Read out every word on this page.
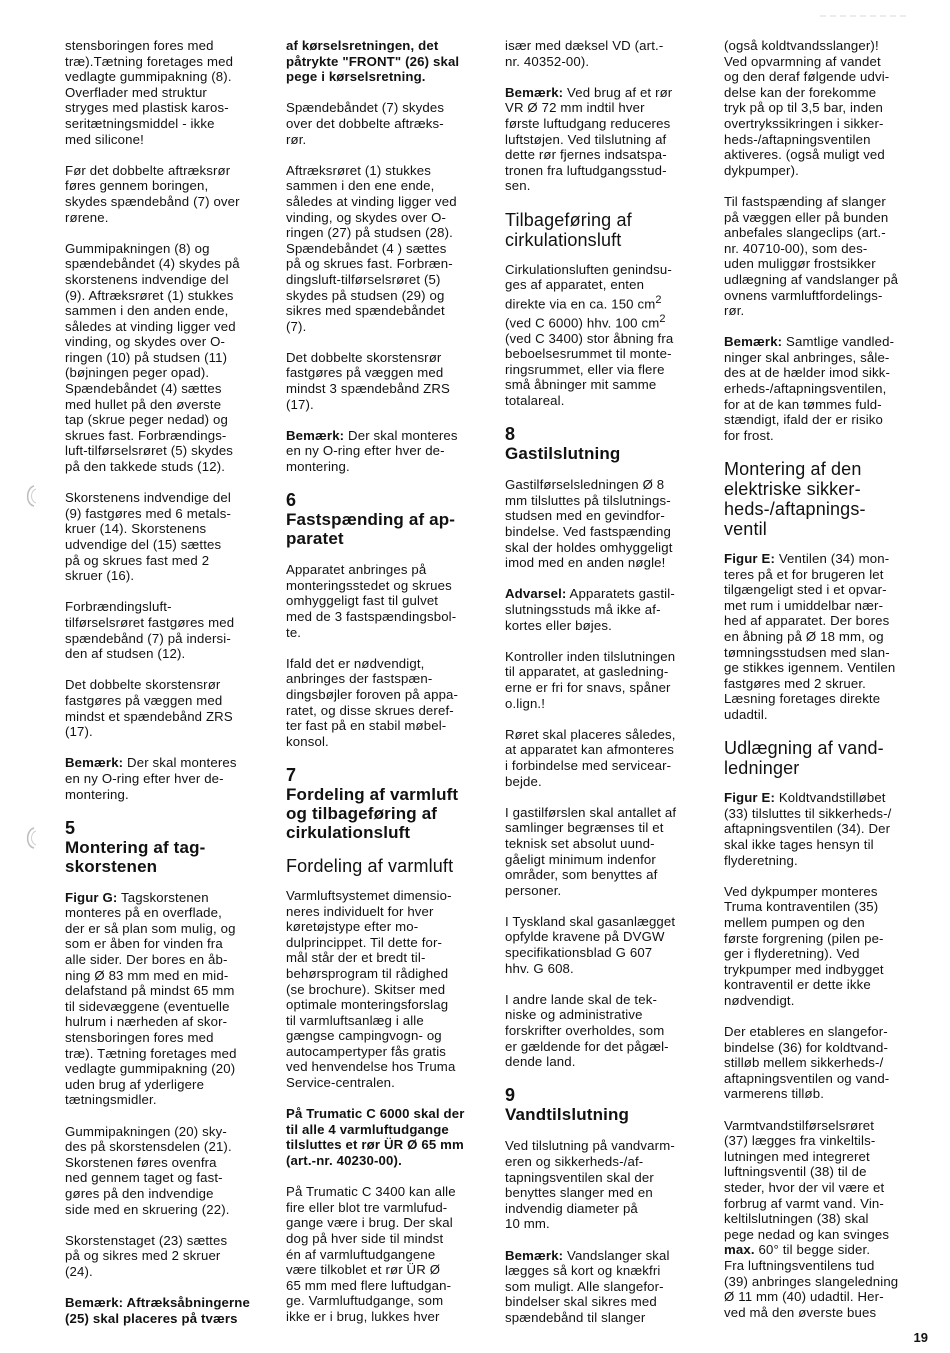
stensboringen fores med
træ).Tætning foretages med
vedlagte gummipakning (8).
Overflader med struktur
stryges med plastisk karos-
seritætningsmiddel - ikke
med silicone!

Før det dobbelte aftræksrør
føres gennem boringen,
skydes spændebånd (7) over
rørene.

Gummipakningen (8) og
spændebåndet (4) skydes på
skorstenens indvendige del
(9). Aftræksrøret (1) stukkes
sammen i den anden ende,
således at vinding ligger ved
vinding, og skydes over O-
ringen (10) på studsen (11)
(bøjningen peger opad).
Spændebåndet (4) sættes
med hullet på den øverste
tap (skrue peger nedad) og
skrues fast. Forbrændings-
luft-tilførselsrøret (5) skydes
på den takkede studs (12).

Skorstenens indvendige del
(9) fastgøres med 6 metals-
kruer (14). Skorstenens
udvendige del (15) sættes
på og skrues fast med 2
skruer (16).

Forbrændingsluft-
tilførselsrøret fastgøres med
spændebånd (7) på indersi-
den af studsen (12).

Det dobbelte skorstensrør
fastgøres på væggen med
mindst et spændebånd ZRS
(17).

Bemærk: Der skal monteres
en ny O-ring efter hver de-
montering.

5
Montering af tag-
skorstenen

Figur G: Tagskorstenen
monteres på en overflade,
der er så plan som mulig, og
som er åben for vinden fra
alle sider. Der bores en åb-
ning Ø 83 mm med en mid-
delafstand på mindst 65 mm
til sidevæggene (eventuelle
hulrum i nærheden af skor-
stensboringen fores med
træ). Tætning foretages med
vedlagte gummipakning (20)
uden brug af yderligere
tætningsmidler.

Gummipakningen (20) sky-
des på skorstensdelen (21).
Skorstenen føres ovenfra
ned gennem taget og fast-
gøres på den indvendige
side med en skruering (22).

Skorstenstaget (23) sættes
på og sikres med 2 skruer
(24).

Bemærk: Aftræksåbningerne
(25) skal placeres på tværs

af kørselsretningen, det
påtrykte "FRONT" (26) skal
pege i kørselsretning.

Spændebåndet (7) skydes
over det dobbelte aftræks-
rør.

Aftræksrøret (1) stukkes
sammen i den ene ende,
således at vinding ligger ved
vinding, og skydes over O-
ringen (27) på studsen (28).
Spændebåndet (4 ) sættes
på og skrues fast. Forbræn-
dingsluft-tilførselsrøret (5)
skydes på studsen (29) og
sikres med spændebåndet
(7).

Det dobbelte skorstensrør
fastgøres på væggen med
mindst 3 spændebånd ZRS
(17).

Bemærk: Der skal monteres
en ny O-ring efter hver de-
montering.

6
Fastspænding af ap-
paratet

Apparatet anbringes på
monteringsstedet og skrues
omhyggeligt fast til gulvet
med de 3 fastspændingsbol-
te.

Ifald det er nødvendigt,
anbringes der fastspæn-
dingsbøjler foroven på appa-
ratet, og disse skrues deref-
ter fast på en stabil møbel-
konsol.

7
Fordeling af varmluft
og tilbageføring af
cirkulationsluft
Fordeling af varmluft

Varmluftsystemet dimensio-
neres individuelt for hver
køretøjstype efter mo-
dulprincippet. Til dette for-
mål står der et bredt til-
behørsprogram til rådighed
(se brochure). Skitser med
optimale monteringsforslag
til varmluftsanlæg i alle
gængse campingvogn- og
autocampertyper fås gratis
ved henvendelse hos Truma
Service-centralen.

På Trumatic C 6000 skal der
til alle 4 varmluftudgange
tilsluttes et rør ÜR Ø 65 mm
(art.-nr. 40230-00).

På Trumatic C 3400 kan alle
fire eller blot tre varmlufud-
gange være i brug. Der skal
dog på hver side til mindst
én af varmluftudgangene
være tilkoblet et rør ÜR Ø
65 mm med flere luftudgan-
ge. Varmluftudgange, som
ikke er i brug, lukkes hver

især med dæksel VD (art.-
nr. 40352-00).

Bemærk: Ved brug af et rør
VR Ø 72 mm indtil hver
første luftudgang reduceres
luftstøjen. Ved tilslutning af
dette rør fjernes indsatspa-
tronen fra luftudgangsstud-
sen.

Tilbageføring af
cirkulationsluft

Cirkulationsluften genindsu-
ges af apparatet, enten
direkte via en ca. 150 $cm^2$
(ved C 6000) hhv. 100 $cm^2$
(ved C 3400) stor åbning fra
beboelsesrummet til monte-
ringsrummet, eller via flere
små åbninger mit samme
totalareal.

8
Gastilslutning

Gastilførselsledningen Ø 8
mm tilsluttes på tilslutnings-
studsen med en gevindfor-
bindelse. Ved fastspænding
skal der holdes omhyggeligt
imod med en anden nøgle!

Advarsel: Apparatets gastil-
slutningsstuds må ikke af-
kortes eller bøjes.

Kontroller inden tilslutningen
til apparatet, at gasledning-
erne er fri for snavs, spåner
o.lign.!

Røret skal placeres således,
at apparatet kan afmonteres
i forbindelse med servicear-
bejde.

I gastilførslen skal antallet af
samlinger begrænses til et
teknisk set absolut uund-
gåeligt minimum indenfor
områder, som benyttes af
personer.

I Tyskland skal gasanlægget
opfylde kravene på DVGW
specifikationsblad G 607
hhv. G 608.

I andre lande skal de tek-
niske og administrative
forskrifter overholdes, som
er gældende for det pågæl-
dende land.

9
Vandtilslutning

Ved tilslutning på vandvarm-
eren og sikkerheds-/af-
tapningsventilen skal der
benyttes slanger med en
indvendig diameter på
10 mm.

Bemærk: Vandslanger skal
lægges så kort og knækfri
som muligt. Alle slangefor-
bindelser skal sikres med
spændebånd til slanger

(også koldtvandsslanger)!
Ved opvarmning af vandet
og den deraf følgende udvi-
delse kan der forekomme
tryk på op til 3,5 bar, inden
overtrykssikringen i sikker-
heds-/aftapningsventilen
aktiveres. (også muligt ved
dykpumper).

Til fastspænding af slanger
på væggen eller på bunden
anbefales slangeclips (art.-
nr. 40710-00), som des-
uden muliggør frostsikker
udlægning af vandslanger på
ovnens varmluftfordelings-
rør.

Bemærk: Samtlige vandled-
ninger skal anbringes, såle-
des at de hælder imod sikk-
erheds-/aftapningsventilen,
for at de kan tømmes fuld-
stændigt, ifald der er risiko
for frost.

Montering af den
elektriske sikker-
heds-/aftapnings-
ventil

Figur E: Ventilen (34) mon-
teres på et for brugeren let
tilgængeligt sted i et opvar-
met rum i umiddelbar nær-
hed af apparatet. Der bores
en åbning på Ø 18 mm, og
tømningsstudsen med slan-
ge stikkes igennem. Ventilen
fastgøres med 2 skruer.
Læsning foretages direkte
udadtil.

Udlægning af vand-
ledninger

Figur E: Koldtvandstilløbet
(33) tilsluttes til sikkerheds-/
aftapningsventilen (34). Der
skal ikke tages hensyn til
flyderetning.

Ved dykpumper monteres
Truma kontraventilen (35)
mellem pumpen og den
første forgrening (pilen pe-
ger i flyderetning). Ved
trykpumper med indbygget
kontraventil er dette ikke
nødvendigt.

Der etableres en slangefor-
bindelse (36) for koldtvand-
stilløb mellem sikkerheds-/
aftapningsventilen og vand-
varmerens tilløb.

Varmtvandstilførselsrøret
(37) lægges fra vinkeltils-
lutningen med integreret
luftningsventil (38) til de
steder, hvor der vil være et
forbrug af varmt vand. Vin-
keltilslutningen (38) skal
pege nedad og kan svinges
max. 60° til begge sider.
Fra luftningsventilens tud
(39) anbringes slangeledning
Ø 11 mm (40) udadtil. Her-
ved må den øverste bues

19
